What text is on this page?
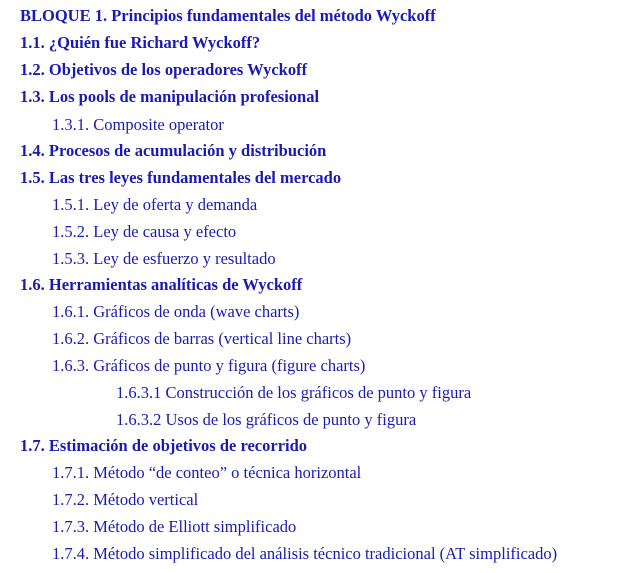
BLOQUE 1. Principios fundamentales del método Wyckoff
1.1. ¿Quién fue Richard Wyckoff?
1.2. Objetivos de los operadores Wyckoff
1.3. Los pools de manipulación profesional
1.3.1. Composite operator
1.4. Procesos de acumulación y distribución
1.5. Las tres leyes fundamentales del mercado
1.5.1. Ley de oferta y demanda
1.5.2. Ley de causa y efecto
1.5.3. Ley de esfuerzo y resultado
1.6. Herramientas analíticas de Wyckoff
1.6.1. Gráficos de onda (wave charts)
1.6.2. Gráficos de barras (vertical line charts)
1.6.3. Gráficos de punto y figura (figure charts)
1.6.3.1 Construcción de los gráficos de punto y figura
1.6.3.2 Usos de los gráficos de punto y figura
1.7. Estimación de objetivos de recorrido
1.7.1. Método “de conteo” o técnica horizontal
1.7.2. Método vertical
1.7.3. Método de Elliott simplificado
1.7.4. Método simplificado del análisis técnico tradicional (AT simplificado)
